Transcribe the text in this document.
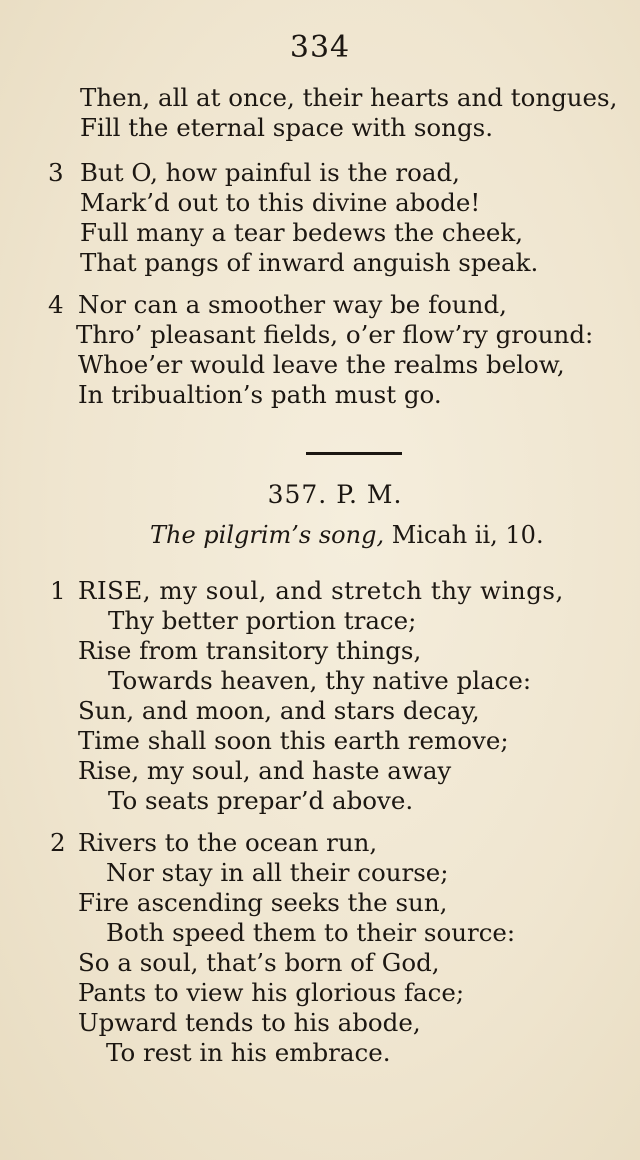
334

Then, all at once, their hearts and tongues,

Fill the eternal space with songs.

3 But O, how painful is the road,

Mark’d out to this divine abode!

Full many a tear bedews the cheek,

That pangs of inward anguish speak.

4 Nor can a smoother way be found,

Thro’ pleasant fields, o’er flow’ry ground:

Whoe’er would leave the realms below,

In tribualtion’s path must go.

357. P. M.

The pilgrim’s song, Micah ii, 10.

1 RISE, my soul, and stretch thy wings,

Thy better portion trace;

Rise from transitory things,

Towards heaven, thy native place:

Sun, and moon, and stars decay,

Time shall soon this earth remove;

Rise, my soul, and haste away

To seats prepar’d above.

2 Rivers to the ocean run,

Nor stay in all their course;

Fire ascending seeks the sun,

Both speed them to their source:

So a soul, that’s born of God,

Pants to view his glorious face;

Upward tends to his abode,

To rest in his embrace.
